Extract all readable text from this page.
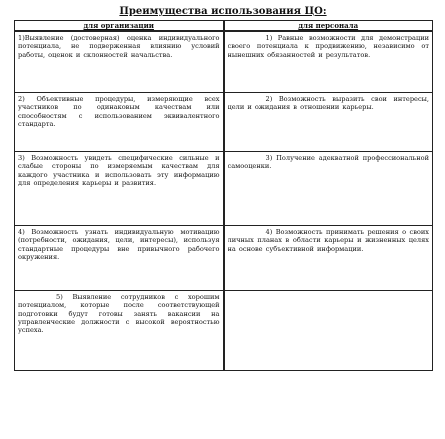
Преимущества использования ЦО:
для организации	для персонала

1)Выявление (достоверная) оценка индивидуального потенциала, не подверженная влиянию условий работы, оценок и склонностей начальства.	1) Равные возможности для демонстрации своего потенциала к продвижению, независимо от нынешних обязанностей и результатов.

2) Объективные процедуры, измеряющие всех участников по одинаковым качествам или способностям с использованием эквивалентного стандарта.	2) Возможность выразить свои интересы, цели и ожидания в отношении карьеры.

3) Возможность увидеть специфические сильные и слабые стороны по измеряемым качествам для каждого участника и использовать эту информацию для определения карьеры и развития.	3) Получение адекватной профессиональной самооценки.

4) Возможность узнать индивидуальную мотивацию (потребности, ожидания, цели, интересы), используя стандартные процедуры вне привычного рабочего окружения.	4) Возможность принимать решения о своих личных планах в области карьеры и жизненных целях на основе субъективной информации.

5) Выявление сотрудников с хорошим потенциалом, которые после соответствующей подготовки будут готовы занять вакансии на управленческие должности с высокой вероятностью успеха.	
